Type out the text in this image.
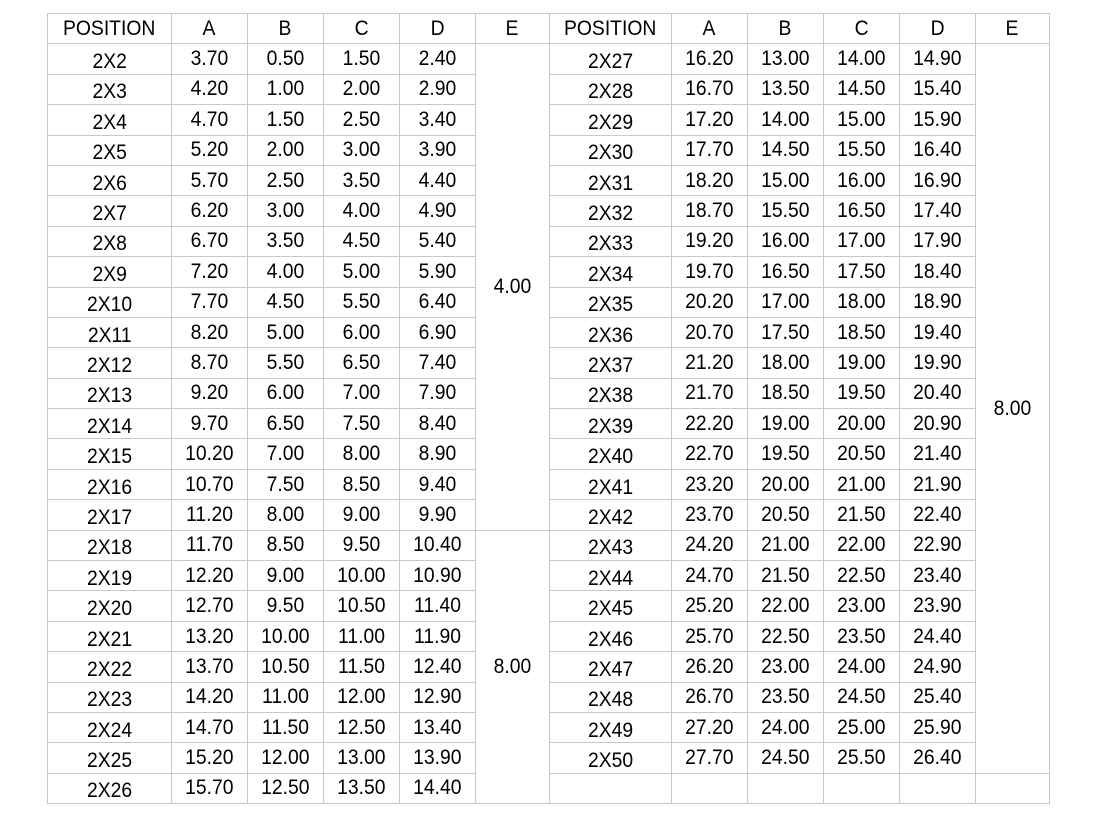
POSITION	A	B	C	D	E
2X2	3.70	0.50	1.50	2.40	4.00
2X3	4.20	1.00	2.00	2.90	
2X4	4.70	1.50	2.50	3.40	
2X5	5.20	2.00	3.00	3.90	
2X6	5.70	2.50	3.50	4.40	
2X7	6.20	3.00	4.00	4.90	
2X8	6.70	3.50	4.50	5.40	
2X9	7.20	4.00	5.00	5.90	
2X10	7.70	4.50	5.50	6.40	
2X11	8.20	5.00	6.00	6.90	
2X12	8.70	5.50	6.50	7.40	
2X13	9.20	6.00	7.00	7.90	
2X14	9.70	6.50	7.50	8.40	
2X15	10.20	7.00	8.00	8.90	
2X16	10.70	7.50	8.50	9.40	
2X17	11.20	8.00	9.00	9.90	
2X18	11.70	8.50	9.50	10.40	8.00
2X19	12.20	9.00	10.00	10.90	
2X20	12.70	9.50	10.50	11.40	
2X21	13.20	10.00	11.00	11.90	
2X22	13.70	10.50	11.50	12.40	
2X23	14.20	11.00	12.00	12.90	
2X24	14.70	11.50	12.50	13.40	
2X25	15.20	12.00	13.00	13.90	
2X26	15.70	12.50	13.50	14.40	
POSITION	A	B	C	D	E
2X27	16.20	13.00	14.00	14.90	8.00
2X28	16.70	13.50	14.50	15.40	
2X29	17.20	14.00	15.00	15.90	
2X30	17.70	14.50	15.50	16.40	
2X31	18.20	15.00	16.00	16.90	
2X32	18.70	15.50	16.50	17.40	
2X33	19.20	16.00	17.00	17.90	
2X34	19.70	16.50	17.50	18.40	
2X35	20.20	17.00	18.00	18.90	
2X36	20.70	17.50	18.50	19.40	
2X37	21.20	18.00	19.00	19.90	
2X38	21.70	18.50	19.50	20.40	
2X39	22.20	19.00	20.00	20.90	
2X40	22.70	19.50	20.50	21.40	
2X41	23.20	20.00	21.00	21.90	
2X42	23.70	20.50	21.50	22.40	
2X43	24.20	21.00	22.00	22.90	
2X44	24.70	21.50	22.50	23.40	
2X45	25.20	22.00	23.00	23.90	
2X46	25.70	22.50	23.50	24.40	
2X47	26.20	23.00	24.00	24.90	
2X48	26.70	23.50	24.50	25.40	
2X49	27.20	24.00	25.00	25.90	
2X50	27.70	24.50	25.50	26.40	
